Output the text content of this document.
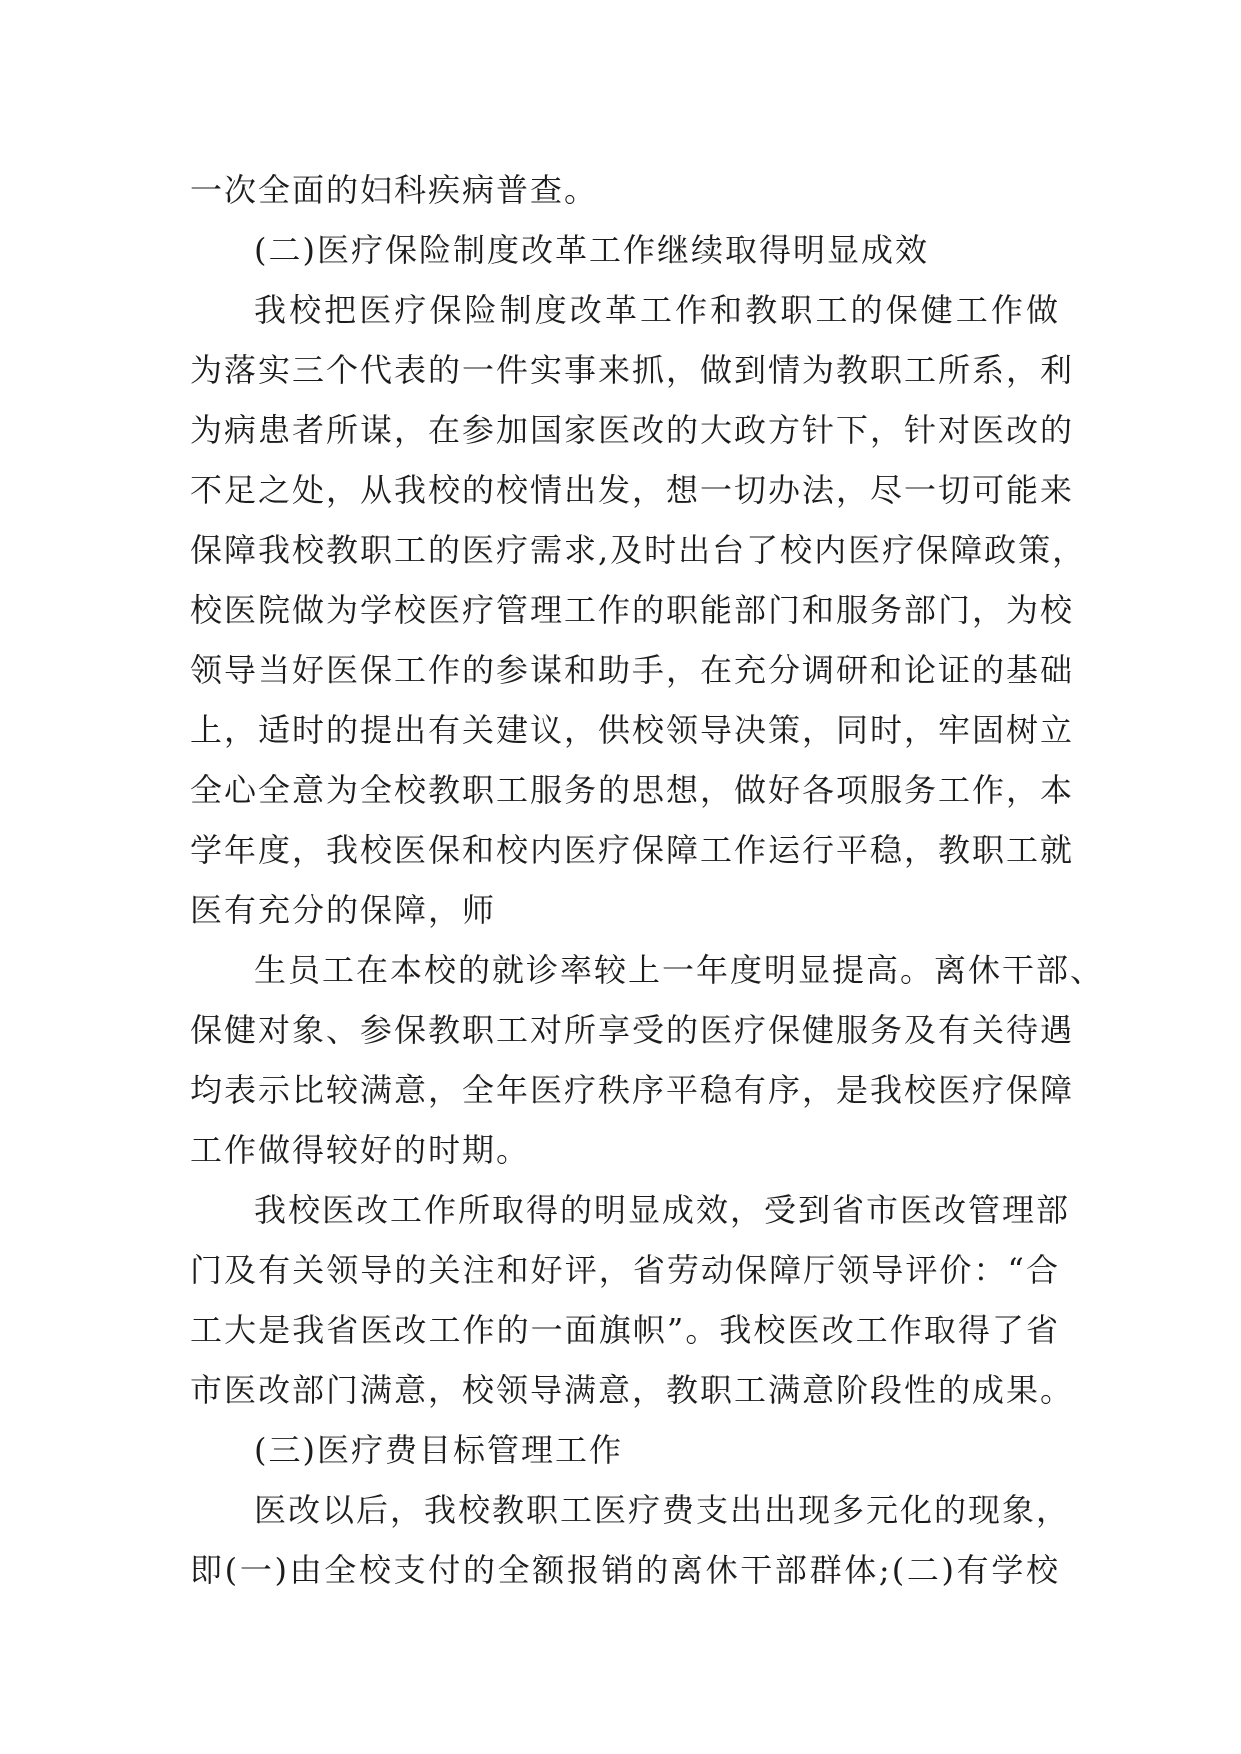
一次全面的妇科疾病普查。
(二)医疗保险制度改革工作继续取得明显成效
我校把医疗保险制度改革工作和教职工的保健工作做
为落实三个代表的一件实事来抓，做到情为教职工所系，利
为病患者所谋，在参加国家医改的大政方针下，针对医改的
不足之处，从我校的校情出发，想一切办法，尽一切可能来
保障我校教职工的医疗需求,及时出台了校内医疗保障政策，
校医院做为学校医疗管理工作的职能部门和服务部门，为校
领导当好医保工作的参谋和助手，在充分调研和论证的基础
上，适时的提出有关建议，供校领导决策，同时，牢固树立
全心全意为全校教职工服务的思想，做好各项服务工作，本
学年度，我校医保和校内医疗保障工作运行平稳，教职工就
医有充分的保障，师
生员工在本校的就诊率较上一年度明显提高。离休干部、
保健对象、参保教职工对所享受的医疗保健服务及有关待遇
均表示比较满意，全年医疗秩序平稳有序，是我校医疗保障
工作做得较好的时期。
我校医改工作所取得的明显成效，受到省市医改管理部
门及有关领导的关注和好评，省劳动保障厅领导评价：“合
工大是我省医改工作的一面旗帜”。我校医改工作取得了省
市医改部门满意，校领导满意，教职工满意阶段性的成果。
(三)医疗费目标管理工作
医改以后，我校教职工医疗费支出出现多元化的现象，
即(一)由全校支付的全额报销的离休干部群体;(二)有学校
